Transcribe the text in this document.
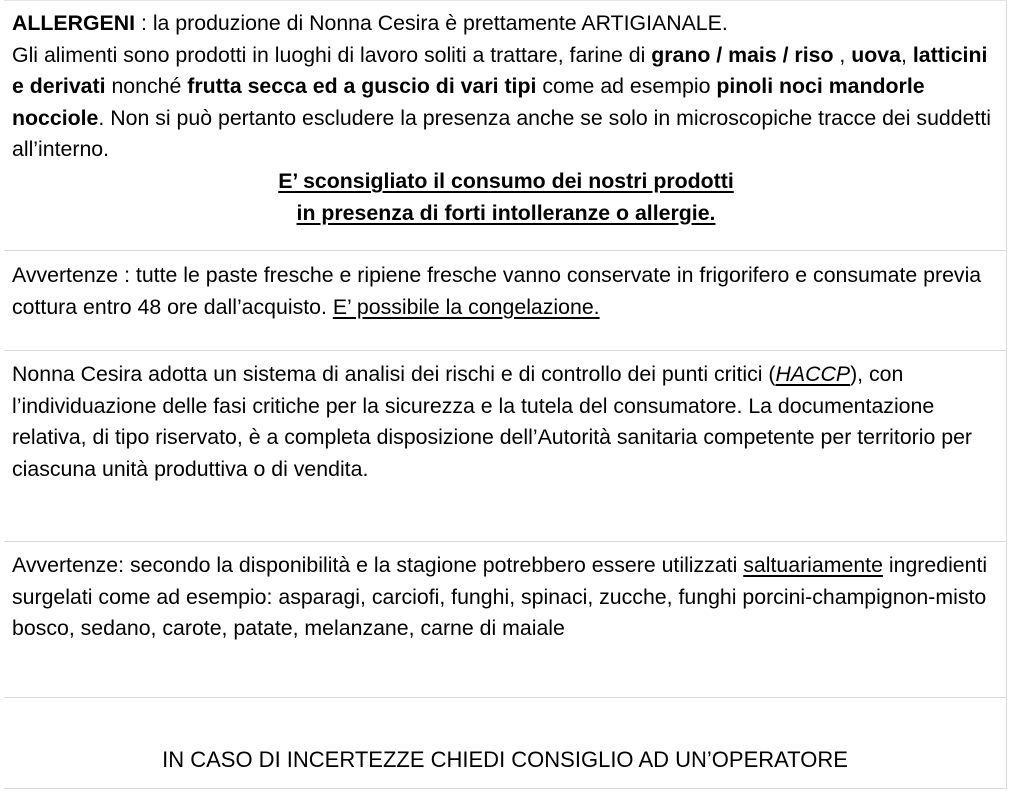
ALLERGENI : la produzione di Nonna Cesira è prettamente ARTIGIANALE.
Gli alimenti sono prodotti in luoghi di lavoro soliti a trattare, farine di grano / mais / riso , uova, latticini e derivati nonché frutta secca ed a guscio di vari tipi come ad esempio pinoli noci mandorle nocciole. Non si può pertanto escludere la presenza anche se solo in microscopiche tracce dei suddetti all’interno.
E’ sconsigliato il consumo dei nostri prodotti
in presenza di forti intolleranze o allergie.
Avvertenze : tutte le paste fresche e ripiene fresche vanno conservate in frigorifero e consumate previa cottura entro 48 ore dall’acquisto. E’ possibile la congelazione.
Nonna Cesira adotta un sistema di analisi dei rischi e di controllo dei punti critici (HACCP), con l’individuazione delle fasi critiche per la sicurezza e la tutela del consumatore. La documentazione relativa, di tipo riservato, è a completa disposizione dell’Autorità sanitaria competente per territorio per ciascuna unità produttiva o di vendita.
Avvertenze: secondo la disponibilità e la stagione potrebbero essere utilizzati saltuariamente ingredienti surgelati come ad esempio: asparagi, carciofi, funghi, spinaci, zucche, funghi porcini-champignon-misto bosco, sedano, carote, patate, melanzane, carne di maiale
IN CASO DI INCERTEZZE CHIEDI CONSIGLIO AD UN’OPERATORE
